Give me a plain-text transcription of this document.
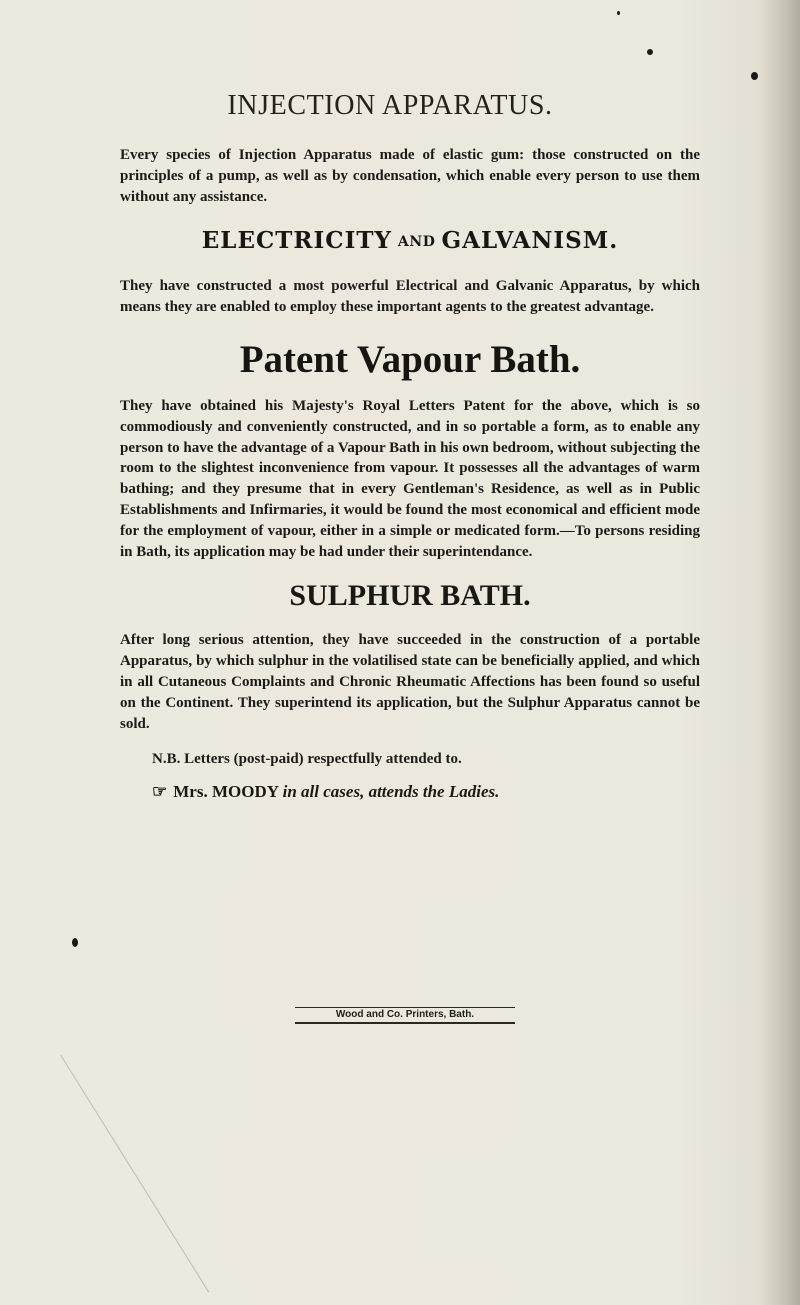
INJECTION APPARATUS.

Every species of Injection Apparatus made of elastic gum: those constructed on the principles of a pump, as well as by condensation, which enable every person to use them without any assistance.

ELECTRICITY AND GALVANISM.

They have constructed a most powerful Electrical and Galvanic Apparatus, by which means they are enabled to employ these important agents to the greatest advantage.

Patent Vapour Bath.

They have obtained his Majesty's Royal Letters Patent for the above, which is so commodiously and conveniently constructed, and in so portable a form, as to enable any person to have the advantage of a Vapour Bath in his own bedroom, without subjecting the room to the slightest inconvenience from vapour. It possesses all the advantages of warm bathing; and they presume that in every Gentleman's Residence, as well as in Public Establishments and Infirmaries, it would be found the most economical and efficient mode for the employment of vapour, either in a simple or medicated form.—To persons residing in Bath, its application may be had under their superintendance.

SULPHUR BATH.

After long serious attention, they have succeeded in the construction of a portable Apparatus, by which sulphur in the volatilised state can be beneficially applied, and which in all Cutaneous Complaints and Chronic Rheumatic Affections has been found so useful on the Continent. They superintend its application, but the Sulphur Apparatus cannot be sold.

N.B. Letters (post-paid) respectfully attended to.

☞ Mrs. MOODY in all cases, attends the Ladies.

Wood and Co. Printers, Bath.
